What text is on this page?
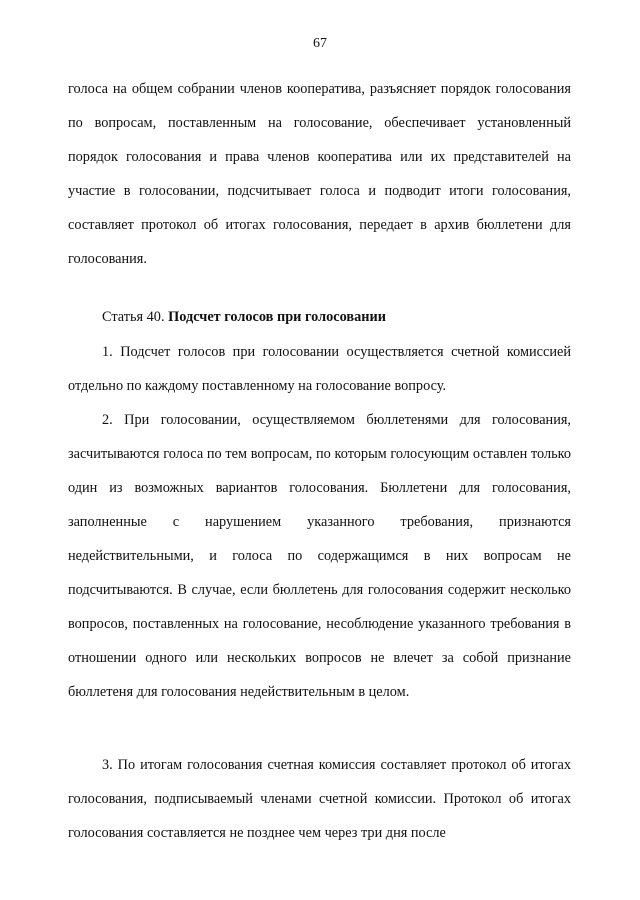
67

голоса на общем собрании членов кооператива, разъясняет порядок голосования по вопросам, поставленным на голосование, обеспечивает установленный порядок голосования и права членов кооператива или их представителей на участие в голосовании, подсчитывает голоса и подводит итоги голосования, составляет протокол об итогах голосования, передает в архив бюллетени для голосования.

Статья 40. Подсчет голосов при голосовании

1. Подсчет голосов при голосовании осуществляется счетной комиссией отдельно по каждому поставленному на голосование вопросу.

2. При голосовании, осуществляемом бюллетенями для голосования, засчитываются голоса по тем вопросам, по которым голосующим оставлен только один из возможных вариантов голосования. Бюллетени для голосования, заполненные с нарушением указанного требования, признаются недействительными, и голоса по содержащимся в них вопросам не подсчитываются. В случае, если бюллетень для голосования содержит несколько вопросов, поставленных на голосование, несоблюдение указанного требования в отношении одного или нескольких вопросов не влечет за собой признание бюллетеня для голосования недействительным в целом.

3. По итогам голосования счетная комиссия составляет протокол об итогах голосования, подписываемый членами счетной комиссии. Протокол об итогах голосования составляется не позднее чем через три дня после
